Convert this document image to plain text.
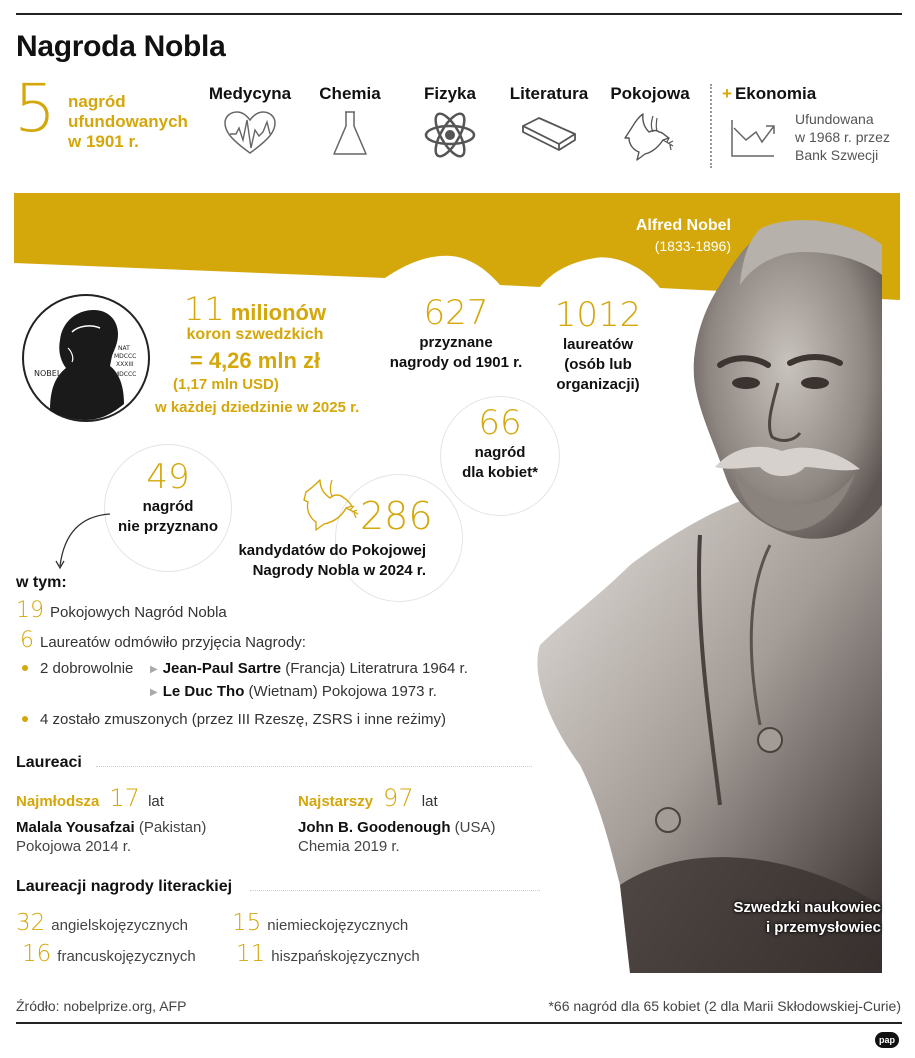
Nagroda Nobla
5 nagród
ufundowanych
w 1901 r.
Medycyna	Chemia	Fizyka	Literatura	Pokojowa + Ekonomia
Ufundowana
w 1968 r. przez
Bank Szwecji
Alfred Nobel
(1833-1896)
NAT
MDCCC
XXXIII
MDCCC
NOBEL
11 milionów
koron szwedzkich
= 4,26 mln zł
(1,17 mln USD)
w każdej dziedzinie w 2025 r.
627
przyznane
nagrody od 1901 r.
1012
laureatów
(osób lub
organizacji)
66
nagród
dla kobiet*
49
nagród
nie przyznano	286
kandydatów do Pokojowej
Nagrody Nobla w 2024 r.
w tym:
19 Pokojowych Nagród Nobla
6 Laureatów odmówiło przyjęcia Nagrody:
2 dobrowolnie ▶ Jean-Paul Sartre (Francja) Literatrura 1964 r.
▶ Le Duc Tho (Wietnam) Pokojowa 1973 r.
4 zostało zmuszonych (przez III Rzeszę, ZSRS i inne reżimy)
Laureaci
Najmłodsza 17 lat
Malala Yousafzai (Pakistan)
Pokojowa 2014 r.
Najstarszy 97 lat
John B. Goodenough (USA)
Chemia 2019 r.
Laureacji nagrody literackiej
32 angielskojęzycznych 15 niemieckojęzycznych
16 francuskojęzycznych 11 hiszpańskojęzycznych
Szwedzki naukowiec
i przemysłowiec
Źródło: nobelprize.org, AFP	*66 nagród dla 65 kobiet (2 dla Marii Skłodowskiej-Curie)
pap
